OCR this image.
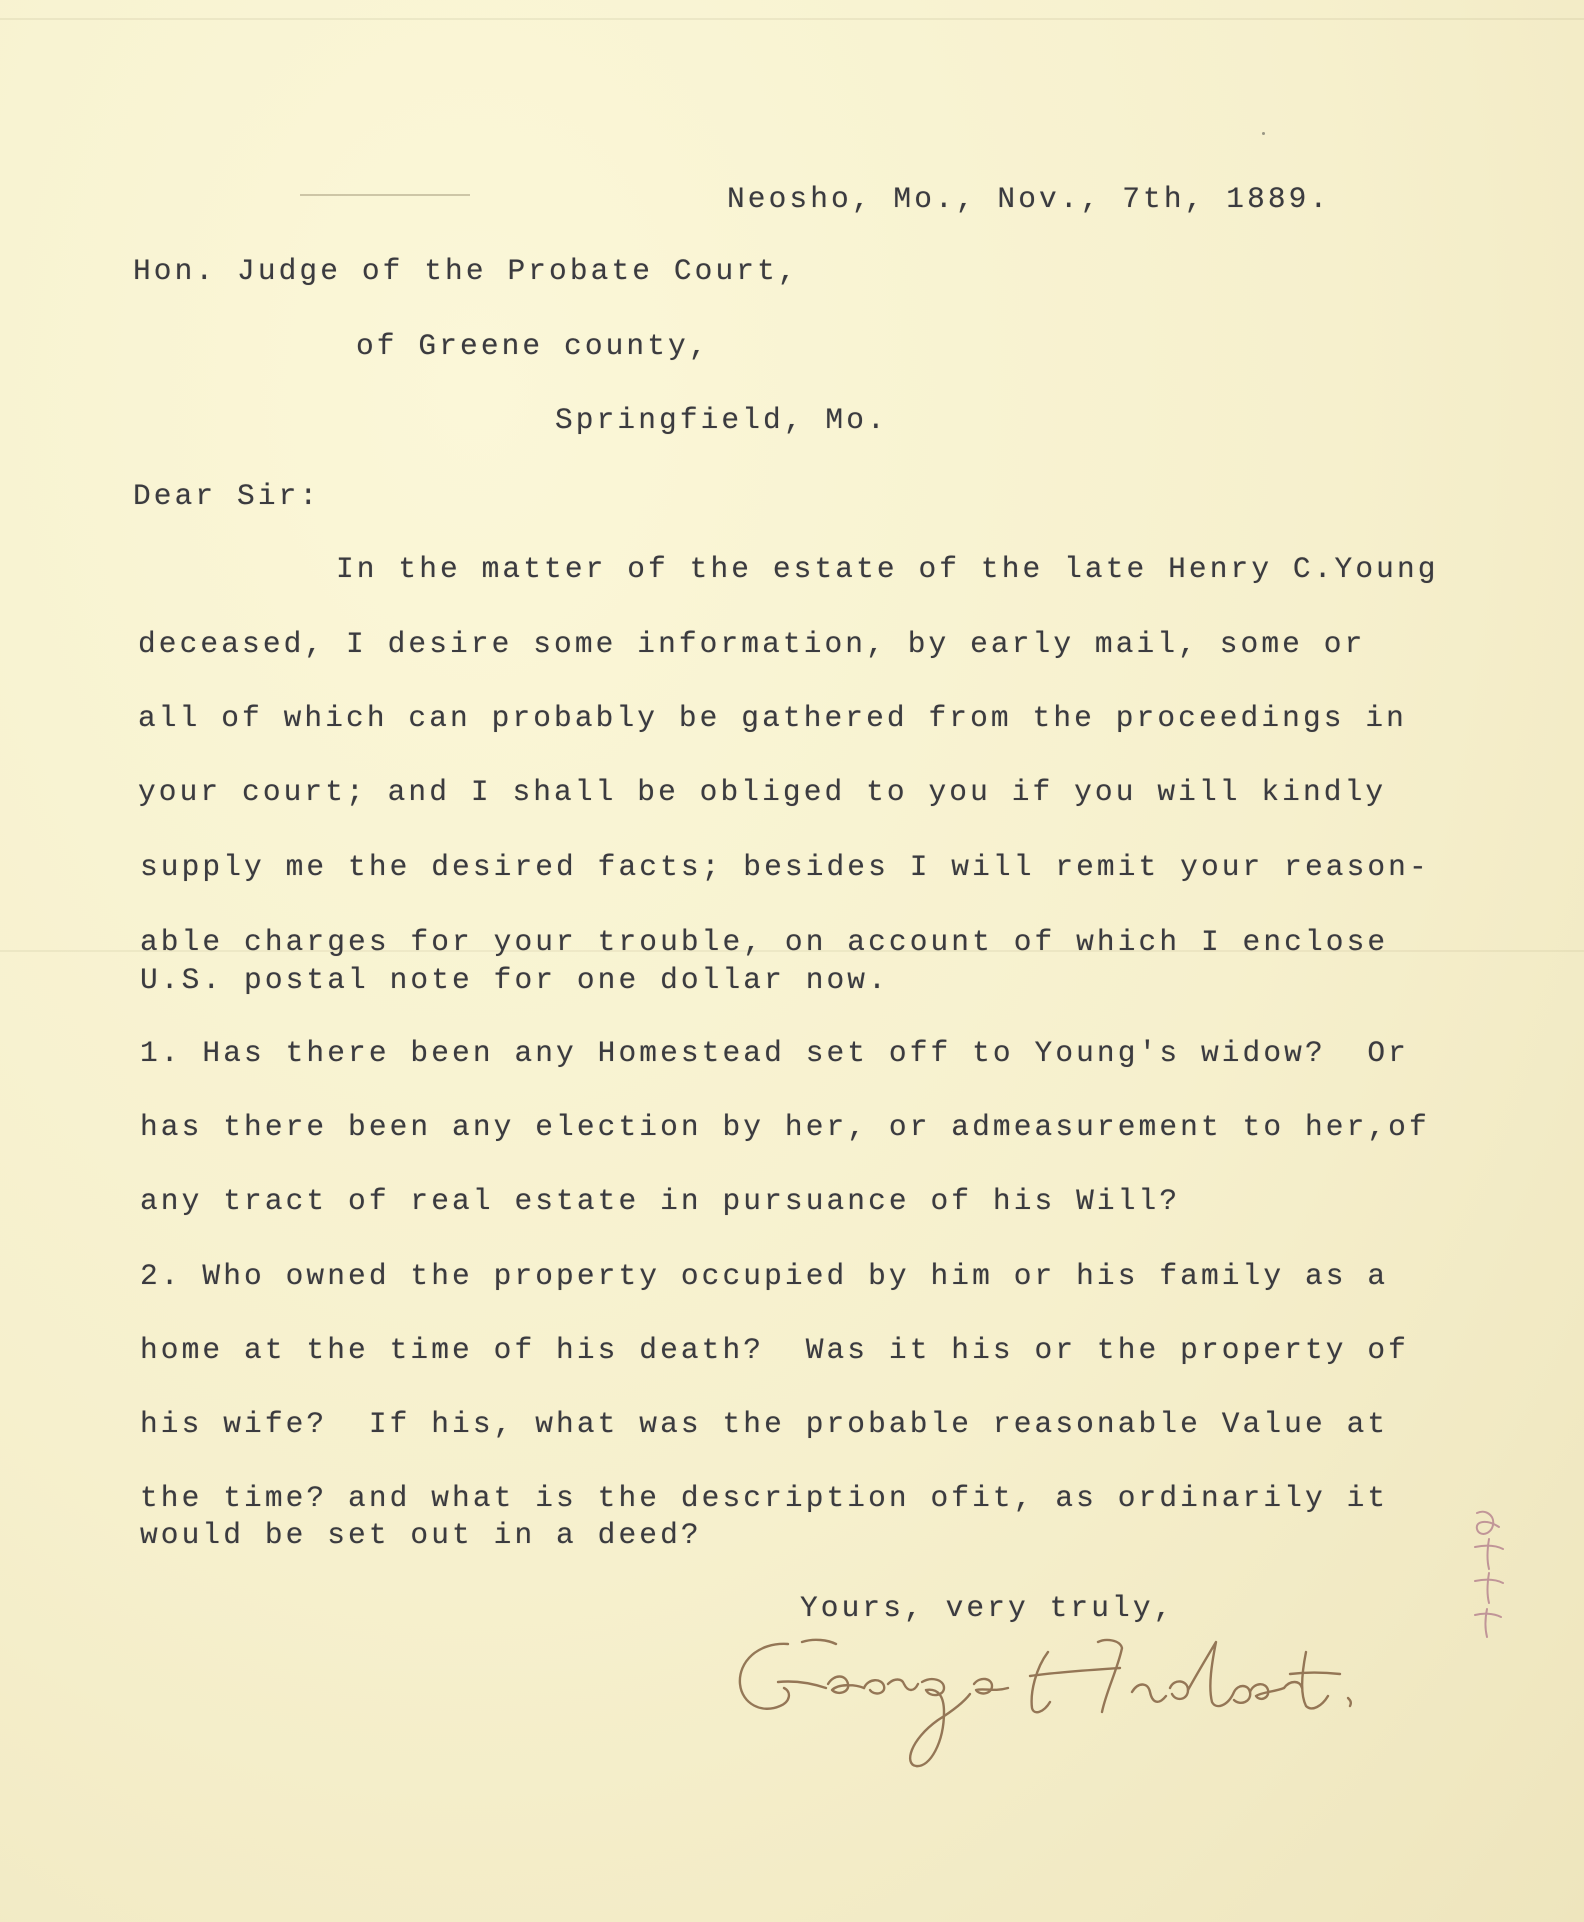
Neosho, Mo., Nov., 7th, 1889.
Hon. Judge of the Probate Court,
of Greene county,
Springfield, Mo.
Dear Sir:
In the matter of the estate of the late Henry C.Young
deceased, I desire some information, by early mail, some or
all of which can probably be gathered from the proceedings in
your court; and I shall be obliged to you if you will kindly
supply me the desired facts; besides I will remit your reason-
able charges for your trouble, on account of which I enclose
U.S. postal note for one dollar now.
1. Has there been any Homestead set off to Young's widow?  Or
has there been any election by her, or admeasurement to her,of
any tract of real estate in pursuance of his Will?
2. Who owned the property occupied by him or his family as a
home at the time of his death?  Was it his or the property of
his wife?  If his, what was the probable reasonable Value at
the time? and what is the description ofit, as ordinarily it
would be set out in a deed?
Yours, very truly,
